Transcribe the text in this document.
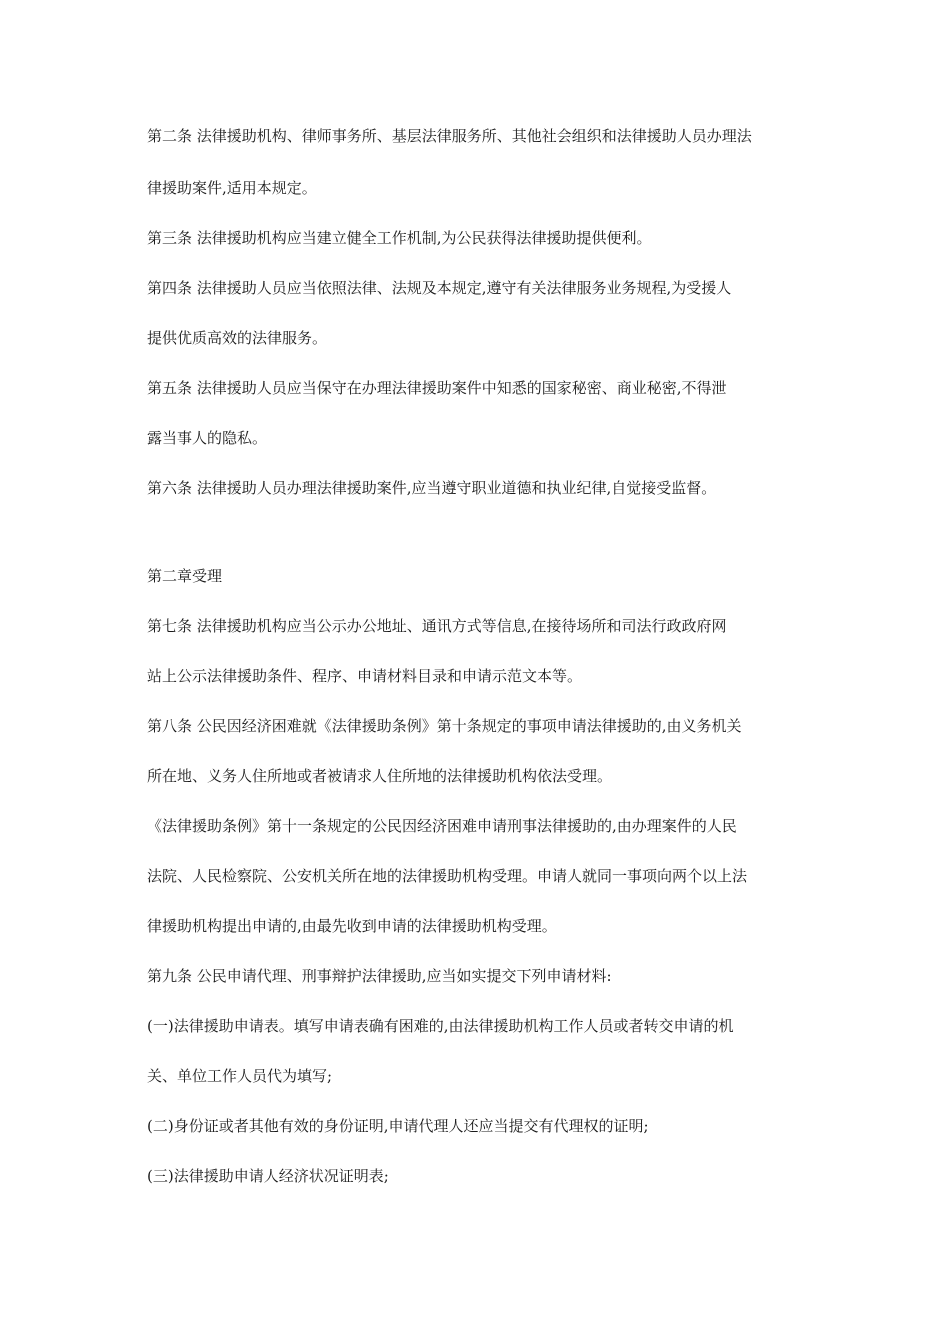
第二条 法律援助机构、律师事务所、基层法律服务所、其他社会组织和法律援助人员办理法
律援助案件,适用本规定。
第三条 法律援助机构应当建立健全工作机制,为公民获得法律援助提供便利。
第四条 法律援助人员应当依照法律、法规及本规定,遵守有关法律服务业务规程,为受援人
提供优质高效的法律服务。
第五条 法律援助人员应当保守在办理法律援助案件中知悉的国家秘密、商业秘密,不得泄
露当事人的隐私。
第六条 法律援助人员办理法律援助案件,应当遵守职业道德和执业纪律,自觉接受监督。
第二章受理
第七条 法律援助机构应当公示办公地址、通讯方式等信息,在接待场所和司法行政政府网
站上公示法律援助条件、程序、申请材料目录和申请示范文本等。
第八条 公民因经济困难就《法律援助条例》第十条规定的事项申请法律援助的,由义务机关
所在地、义务人住所地或者被请求人住所地的法律援助机构依法受理。
《法律援助条例》第十一条规定的公民因经济困难申请刑事法律援助的,由办理案件的人民
法院、人民检察院、公安机关所在地的法律援助机构受理。申请人就同一事项向两个以上法
律援助机构提出申请的,由最先收到申请的法律援助机构受理。
第九条 公民申请代理、刑事辩护法律援助,应当如实提交下列申请材料:
(一)法律援助申请表。填写申请表确有困难的,由法律援助机构工作人员或者转交申请的机
关、单位工作人员代为填写;
(二)身份证或者其他有效的身份证明,申请代理人还应当提交有代理权的证明;
(三)法律援助申请人经济状况证明表;
